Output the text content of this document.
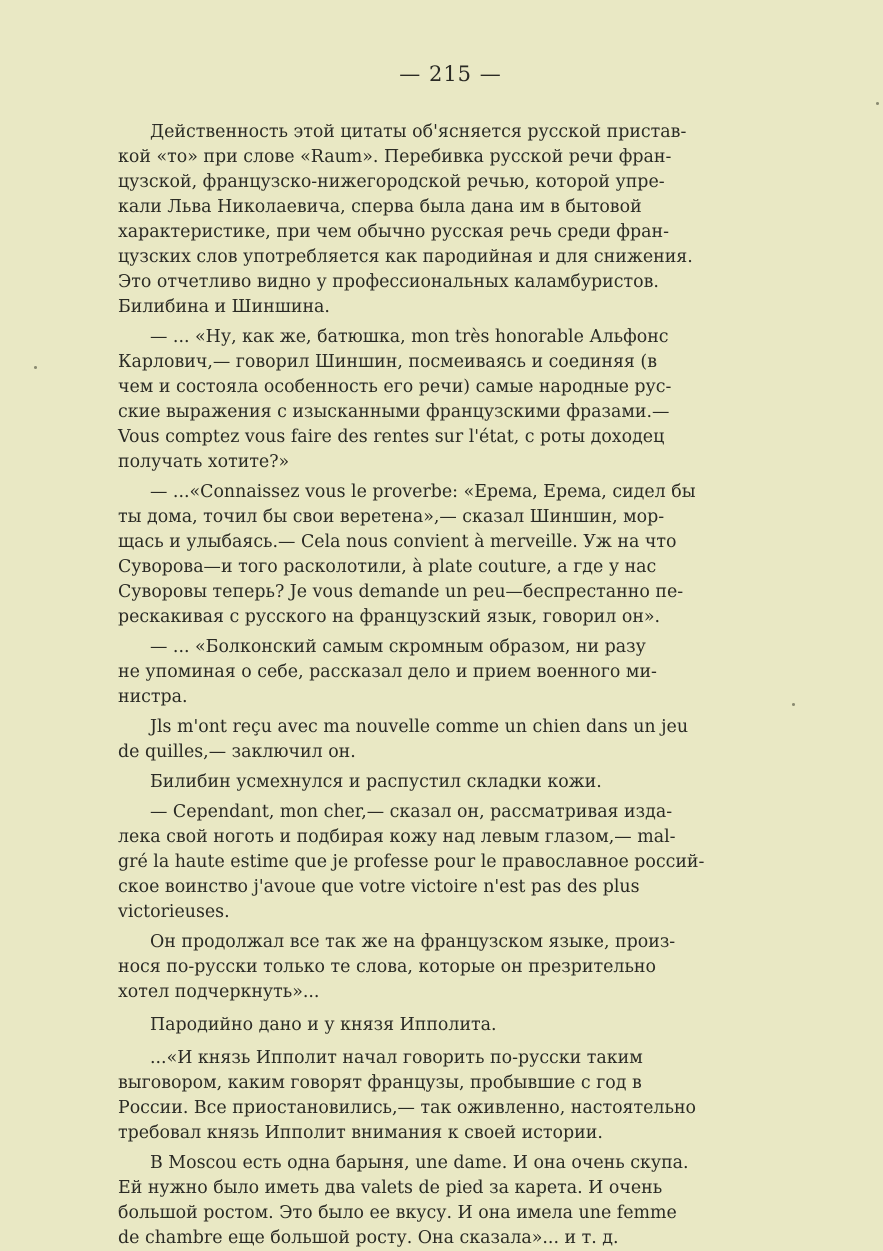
— 215 —

Действенность этой цитаты об'ясняется русской пристав-
кой «то» при слове «Raum». Перебивка русской речи фран-
цузской, французско-нижегородской речью, которой упре-
кали Льва Николаевича, сперва была дана им в бытовой
характеристике, при чем обычно русская речь среди фран-
цузских слов употребляется как пародийная и для снижения.
Это отчетливо видно у профессиональных каламбуристов.
Билибина и Шиншина.

— ... «Ну, как же, батюшка, mon très honorable Альфонс
Карлович,— говорил Шиншин, посмеиваясь и соединяя (в
чем и состояла особенность его речи) самые народные рус-
ские выражения с изысканными французскими фразами.—
Vous comptez vous faire des rentes sur l'état, с роты доходец
получать хотите?»

— ...«Connaissez vous le proverbe: «Ерема, Ерема, сидел бы
ты дома, точил бы свои веретена»,— сказал Шиншин, мор-
щась и улыбаясь.— Cela nous convient à merveille. Уж на что
Суворова—и того расколотили, à plate couture, а где у нас
Суворовы теперь? Je vous demande un peu—беспрестанно пе-
рескакивая с русского на французский язык, говорил он».

— ... «Болконский самым скромным образом, ни разу
не упоминая о себе, рассказал дело и прием военного ми-
нистра.

Jls m'ont reçu avec ma nouvelle comme un chien dans un jeu
de quilles,— заключил он.

Билибин усмехнулся и распустил складки кожи.

— Cependant, mon cher,— сказал он, рассматривая изда-
лека свой ноготь и подбирая кожу над левым глазом,— mal-
gré la haute estime que je professe pour le православное россий-
ское воинство j'avoue que votre victoire n'est pas des plus
victorieuses.

Он продолжал все так же на французском языке, произ-
нося по-русски только те слова, которые он презрительно
хотел подчеркнуть»...

Пародийно дано и у князя Ипполита.

...«И князь Ипполит начал говорить по-русски таким
выговором, каким говорят французы, пробывшие с год в
России. Все приостановились,— так оживленно, настоятельно
требовал князь Ипполит внимания к своей истории.

В Moscou есть одна барыня, une dame. И она очень скупа.
Ей нужно было иметь два valets de pied за карета. И очень
большой ростом. Это было ее вкусу. И она имела une femme
de chambre еще большой росту. Она сказала»... и т. д.
